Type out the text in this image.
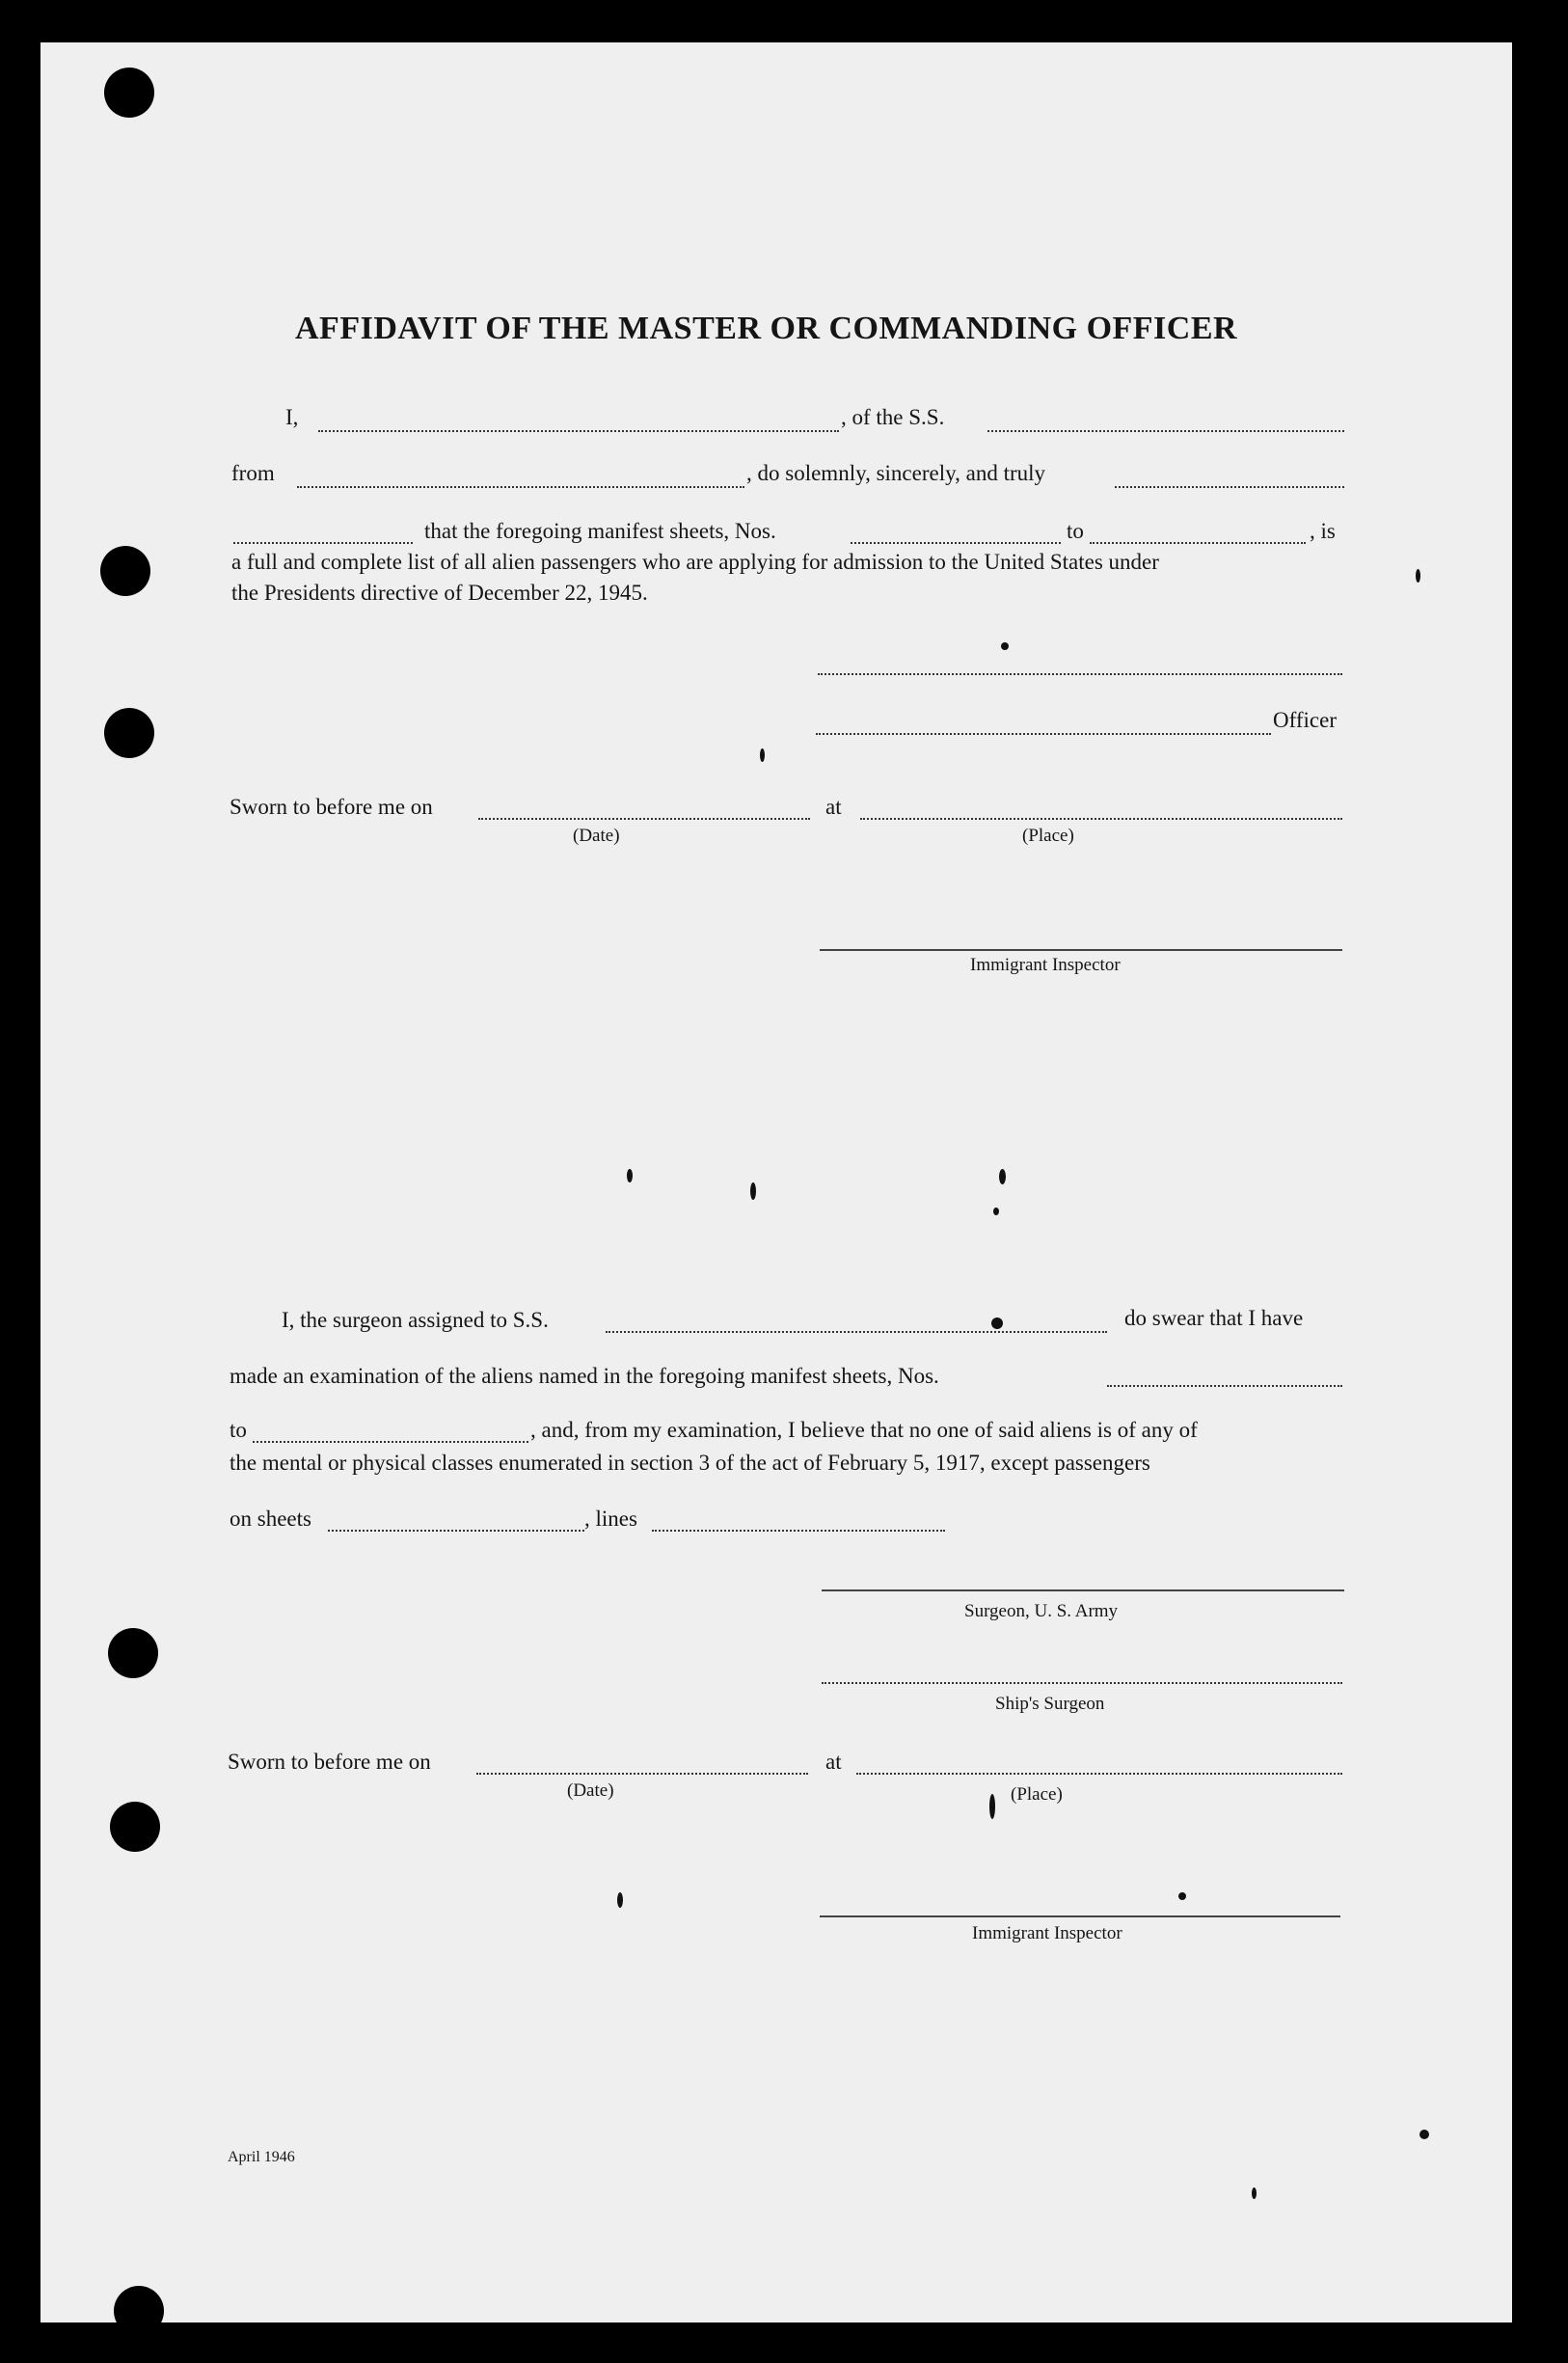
AFFIDAVIT OF THE MASTER OR COMMANDING OFFICER
I,	, of the S.S.
from	, do solemnly, sincerely, and truly
that the foregoing manifest sheets, Nos.	to	, is
a full and complete list of all alien passengers who are applying for admission to the United States under
the Presidents directive of December 22, 1945.
Officer
Sworn to before me on	at
(Date)	(Place)
Immigrant Inspector
I, the surgeon assigned to S.S.	do swear that I have
made an examination of the aliens named in the foregoing manifest sheets, Nos.
to	, and, from my examination, I believe that no one of said aliens is of any of
the mental or physical classes enumerated in section 3 of the act of February 5, 1917, except passengers
on sheets	, lines
Surgeon, U. S. Army
Ship's Surgeon
Sworn to before me on	at
(Date)	(Place)
Immigrant Inspector
April 1946
